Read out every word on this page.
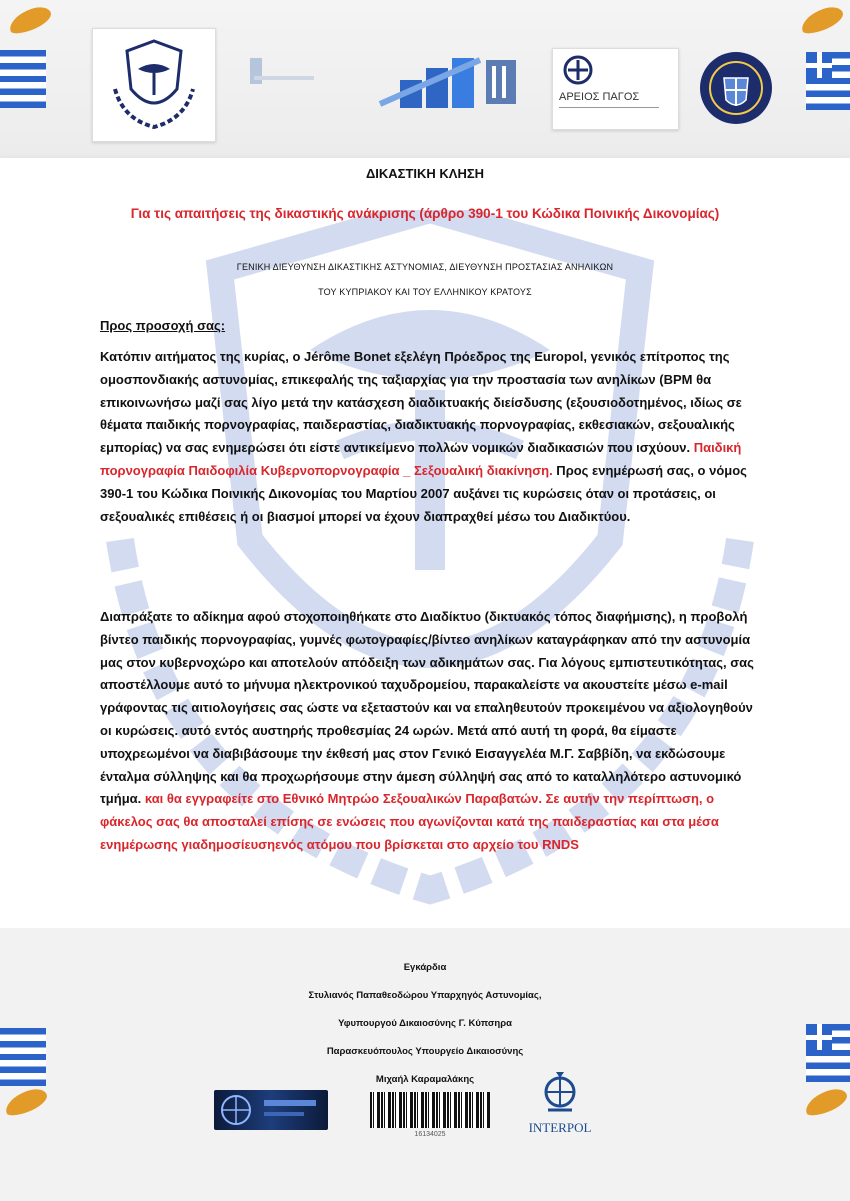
ΑΡΕΙΟΣ ΠΑΓΟΣ
ΔΙΚΑΣΤΙΚΗ ΚΛΗΣΗ
Για τις απαιτήσεις της δικαστικής ανάκρισης (άρθρο 390-1 του Κώδικα Ποινικής Δικονομίας)
ΓΕΝΙΚΗ ΔΙΕΥΘΥΝΣΗ ΔΙΚΑΣΤΙΚΗΣ ΑΣΤΥΝΟΜΙΑΣ, ΔΙΕΥΘΥΝΣΗ ΠΡΟΣΤΑΣΙΑΣ ΑΝΗΛΙΚΩΝ
ΤΟΥ ΚΥΠΡΙΑΚΟΥ ΚΑΙ ΤΟΥ ΕΛΛΗΝΙΚΟΥ ΚΡΑΤΟΥΣ
Προς προσοχή σας:
Κατόπιν αιτήματος της κυρίας, ο Jérôme Bonet εξελέγη Πρόεδρος της Europol, γενικός επίτροπος της ομοσπονδιακής αστυνομίας, επικεφαλής της ταξιαρχίας για την προστασία των ανηλίκων (BPM θα επικοινωνήσω μαζί σας λίγο μετά την κατάσχεση διαδικτυακής διείσδυσης (εξουσιοδοτημένος, ιδίως σε θέματα παιδικής πορνογραφίας, παιδεραστίας, διαδικτυακής πορνογραφίας, εκθεσιακών, σεξουαλικής εμπορίας) να σας ενημερώσει ότι είστε αντικείμενο πολλών νομικών διαδικασιών που ισχύουν. Παιδική πορνογραφία Παιδοφιλία Κυβερνοπορνογραφία _ Σεξουαλική διακίνηση. Προς ενημέρωσή σας, ο νόμος 390-1 του Κώδικα Ποινικής Δικονομίας του Μαρτίου 2007 αυξάνει τις κυρώσεις όταν οι προτάσεις, οι σεξουαλικές επιθέσεις ή οι βιασμοί μπορεί να έχουν διαπραχθεί μέσω του Διαδικτύου.
Διαπράξατε το αδίκημα αφού στοχοποιηθήκατε στο Διαδίκτυο (δικτυακός τόπος διαφήμισης), η προβολή βίντεο παιδικής πορνογραφίας, γυμνές φωτογραφίες/βίντεο ανηλίκων καταγράφηκαν από την αστυνομία μας στον κυβερνοχώρο και αποτελούν απόδειξη των αδικημάτων σας. Για λόγους εμπιστευτικότητας, σας αποστέλλουμε αυτό το μήνυμα ηλεκτρονικού ταχυδρομείου, παρακαλείστε να ακουστείτε μέσω e-mail γράφοντας τις αιτιολογήσεις σας ώστε να εξεταστούν και να επαληθευτούν προκειμένου να αξιολογηθούν οι κυρώσεις. αυτό εντός αυστηρής προθεσμίας 24 ωρών. Μετά από αυτή τη φορά, θα είμαστε υποχρεωμένοι να διαβιβάσουμε την έκθεσή μας στον Γενικό Εισαγγελέα Μ.Γ. Σαββίδη, να εκδώσουμε ένταλμα σύλληψης και θα προχωρήσουμε στην άμεση σύλληψή σας από το καταλληλότερο αστυνομικό τμήμα. και θα εγγραφείτε στο Εθνικό Μητρώο Σεξουαλικών Παραβατών. Σε αυτήν την περίπτωση, ο φάκελος σας θα αποσταλεί επίσης σε ενώσεις που αγωνίζονται κατά της παιδεραστίας και στα μέσα ενημέρωσης γιαδημοσίευσηενός ατόμου που βρίσκεται στο αρχείο του RNDS
Εγκάρδια
Στυλιανός Παπαθεοδώρου Υπαρχηγός Αστυνομίας,
Υφυπουργού Δικαιοσύνης Γ. Κύπσηρα
Παρασκευόπουλος Υπουργείο Δικαιοσύνης
Μιχαήλ Καραμαλάκης
16134025	INTERPOL
